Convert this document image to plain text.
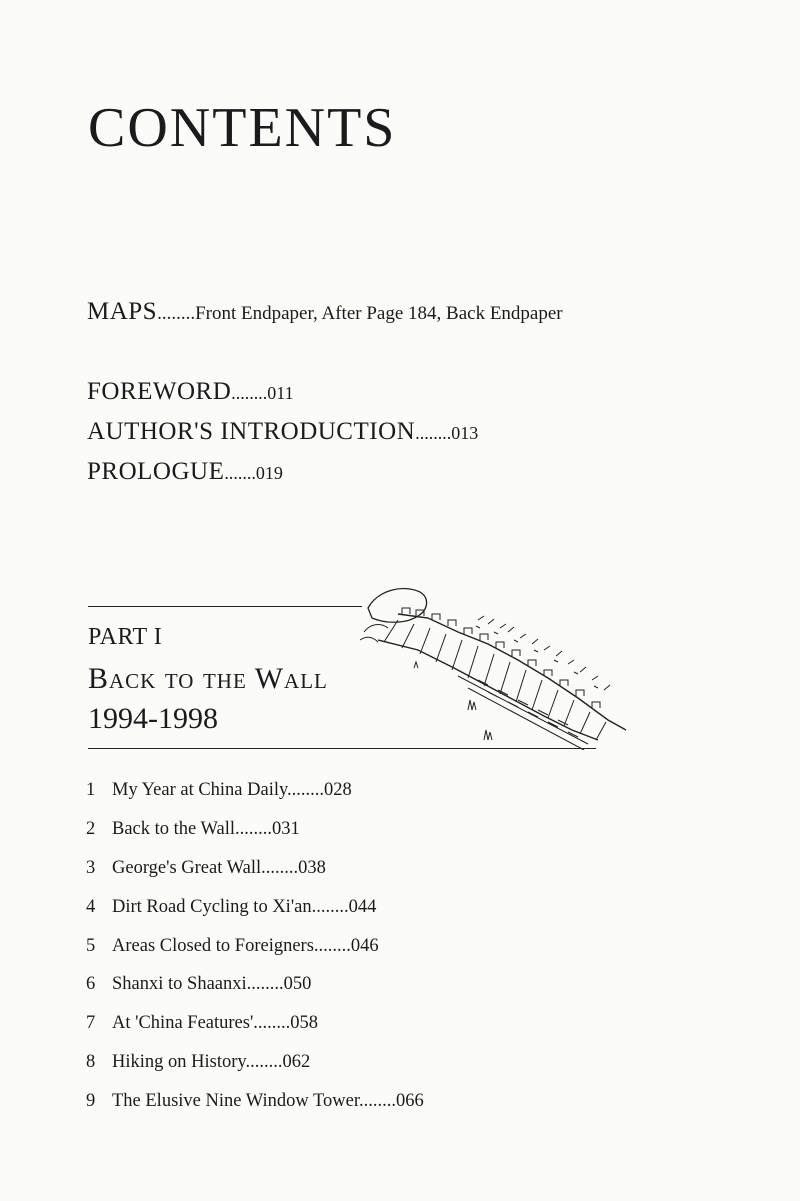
CONTENTS
MAPS........Front Endpaper, After Page 184, Back Endpaper
FOREWORD........011
AUTHOR'S INTRODUCTION........013
PROLOGUE.......019
PART I
Back to the Wall
1994-1998
1 My Year at China Daily........028
2 Back to the Wall........031
3 George's Great Wall........038
4 Dirt Road Cycling to Xi'an........044
5 Areas Closed to Foreigners........046
6 Shanxi to Shaanxi........050
7 At 'China Features'........058
8 Hiking on History........062
9 The Elusive Nine Window Tower........066
